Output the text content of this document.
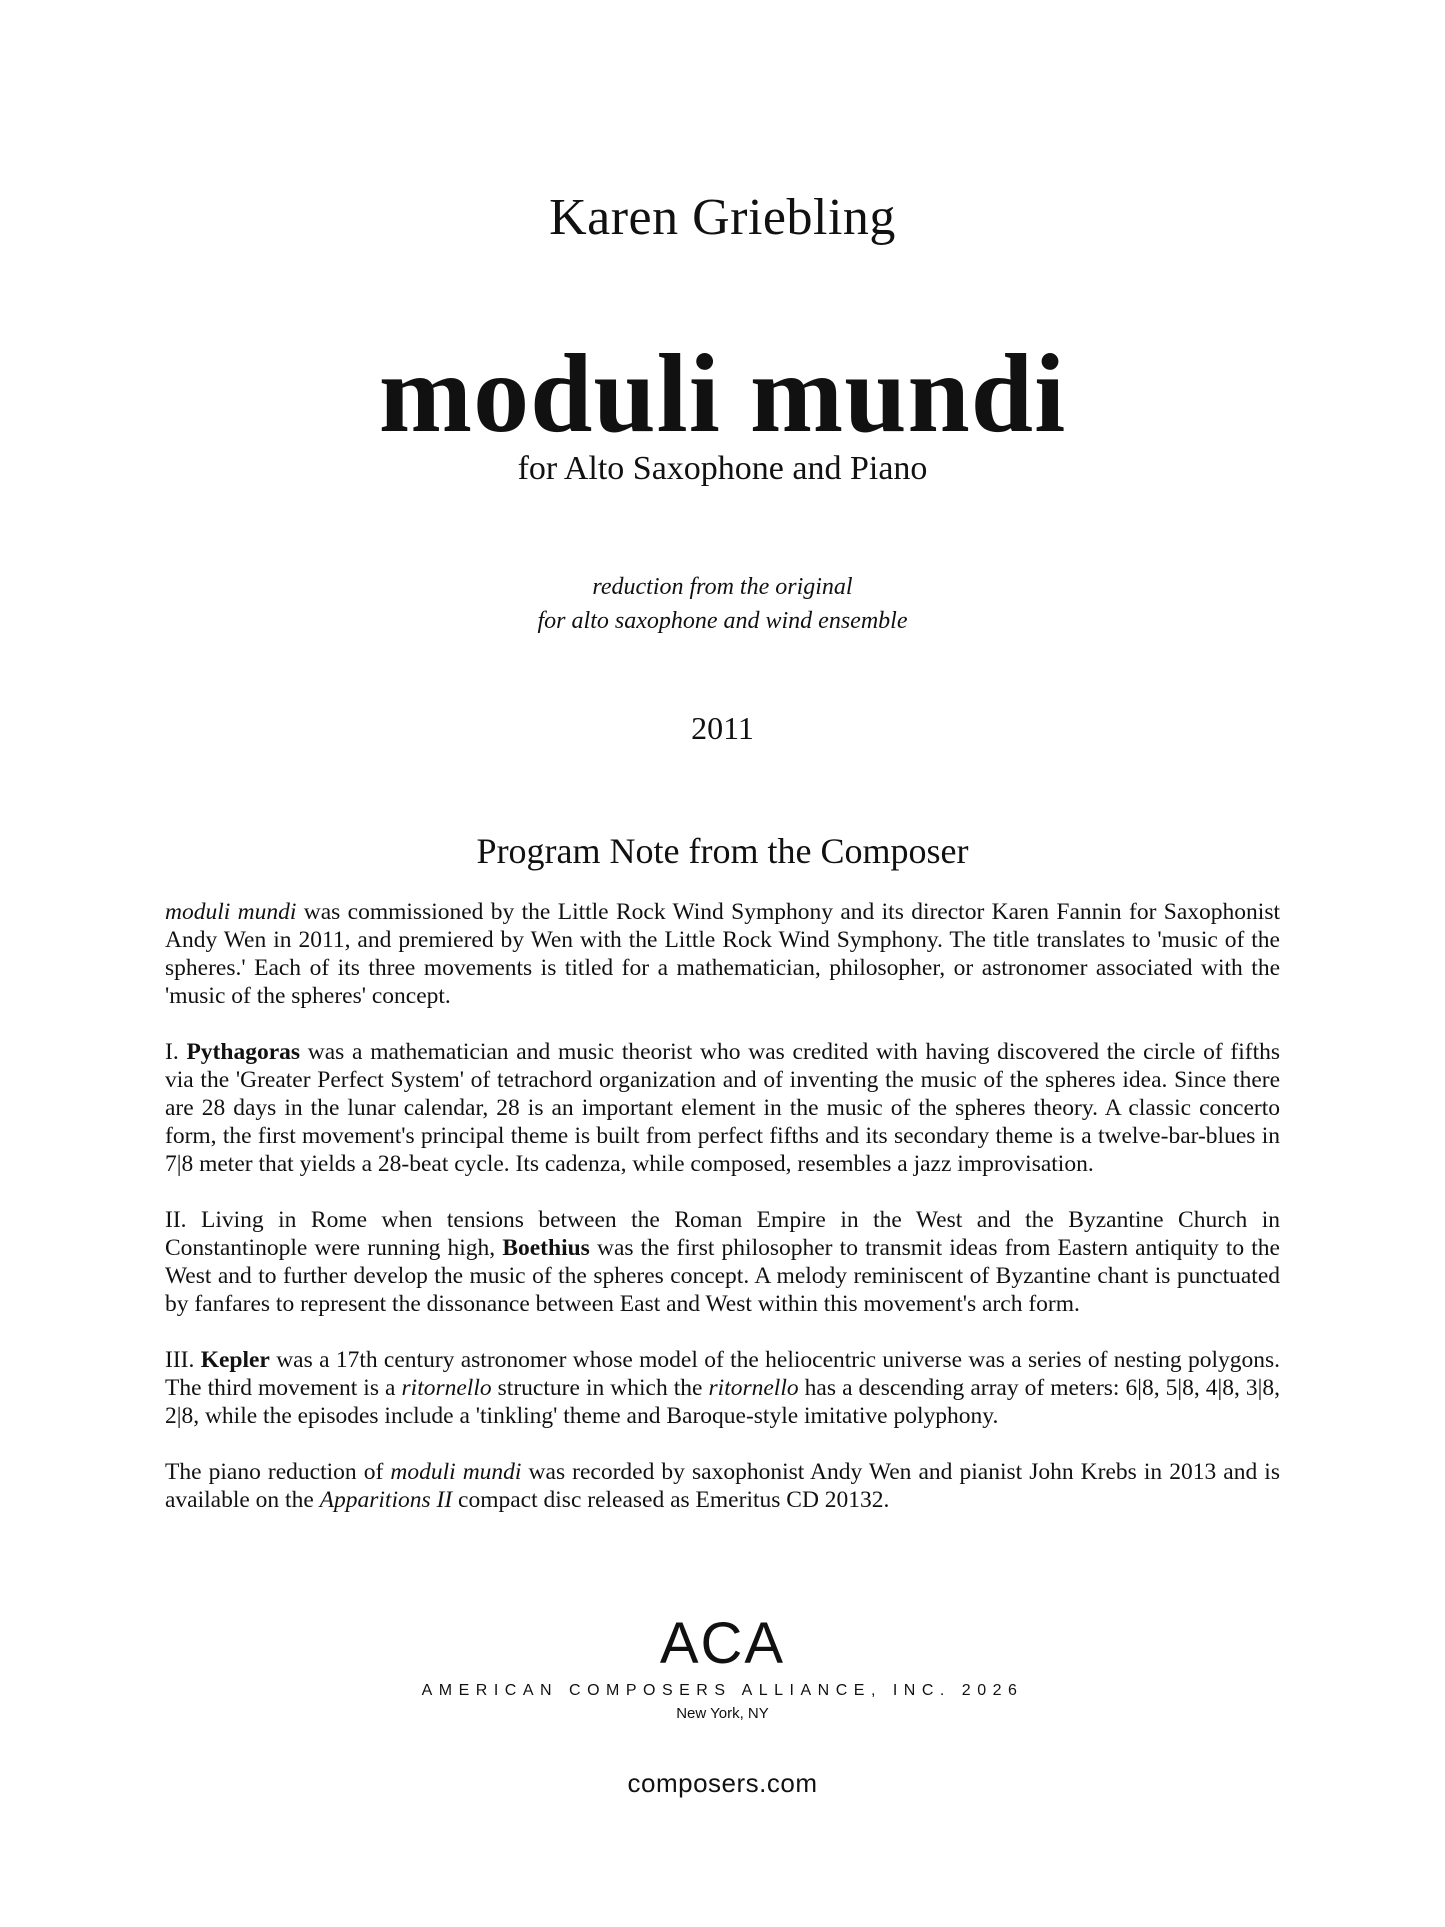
Karen Griebling
moduli mundi
for Alto Saxophone and Piano
reduction from the original
for alto saxophone and wind ensemble
2011
Program Note from the Composer

moduli mundi was commissioned by the Little Rock Wind Symphony and its director Karen Fannin for Saxophonist Andy Wen in 2011, and premiered by Wen with the Little Rock Wind Symphony. The title translates to 'music of the spheres.' Each of its three movements is titled for a mathematician, philosopher, or astronomer associated with the 'music of the spheres' concept.

I. Pythagoras was a mathematician and music theorist who was credited with having discovered the circle of fifths via the 'Greater Perfect System' of tetrachord organization and of inventing the music of the spheres idea. Since there are 28 days in the lunar calendar, 28 is an important element in the music of the spheres theory. A classic concerto form, the first movement's principal theme is built from perfect fifths and its secondary theme is a twelve-bar-blues in 7|8 meter that yields a 28-beat cycle. Its cadenza, while composed, resembles a jazz improvisation.

II. Living in Rome when tensions between the Roman Empire in the West and the Byzantine Church in Constantinople were running high, Boethius was the first philosopher to transmit ideas from Eastern antiquity to the West and to further develop the music of the spheres concept. A melody reminiscent of Byzantine chant is punctuated by fanfares to represent the dissonance between East and West within this movement's arch form.

III. Kepler was a 17th century astronomer whose model of the heliocentric universe was a series of nesting polygons. The third movement is a ritornello structure in which the ritornello has a descending array of meters: 6|8, 5|8, 4|8, 3|8, 2|8, while the episodes include a 'tinkling' theme and Baroque-style imitative polyphony.

The piano reduction of moduli mundi was recorded by saxophonist Andy Wen and pianist John Krebs in 2013 and is available on the Apparitions II compact disc released as Emeritus CD 20132.

ACA
AMERICAN COMPOSERS ALLIANCE, INC. 2026
New York, NY
composers.com
